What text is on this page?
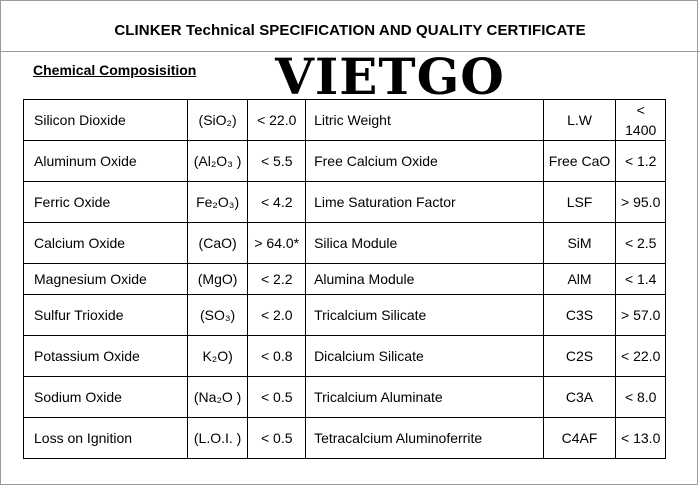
CLINKER Technical SPECIFICATION AND QUALITY CERTIFICATE
Chemical Composisition VIETGO
Silicon Dioxide	(SiO₂)	< 22.0	Litric Weight	L.W	< 1400
Aluminum Oxide	(Al₂O₃ )	< 5.5	Free Calcium Oxide	Free CaO	< 1.2
Ferric Oxide	Fe₂O₃)	< 4.2	Lime Saturation Factor	LSF	> 95.0
Calcium Oxide	(CaO)	> 64.0*	Silica Module	SiM	< 2.5
Magnesium Oxide	(MgO)	< 2.2	Alumina Module	AlM	< 1.4
Sulfur Trioxide	(SO₃)	< 2.0	Tricalcium Silicate	C3S	> 57.0
Potassium Oxide	K₂O)	< 0.8	Dicalcium Silicate	C2S	< 22.0
Sodium Oxide	(Na₂O )	< 0.5	Tricalcium Aluminate	C3A	< 8.0
Loss on Ignition	(L.O.I. )	< 0.5	Tetracalcium Aluminoferrite	C4AF	< 13.0
